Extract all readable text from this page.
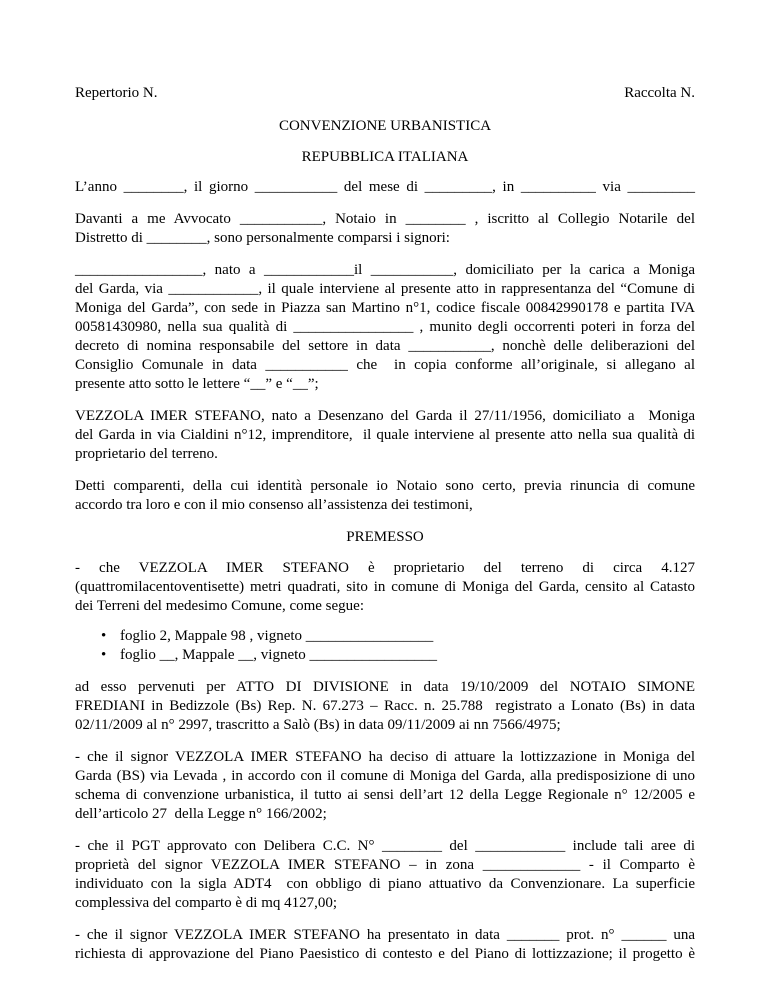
Repertorio N.	Raccolta N.
CONVENZIONE URBANISTICA
REPUBBLICA ITALIANA
L’anno ________, il giorno ___________ del mese di _________, in __________ via _________
Davanti a me Avvocato ___________, Notaio in ________ , iscritto al Collegio Notarile del
Distretto di ________, sono personalmente comparsi i signori:
_________________, nato a ____________il ___________, domiciliato per la carica a Moniga
del Garda, via ____________, il quale interviene al presente atto in rappresentanza del “Comune di
Moniga del Garda”, con sede in Piazza san Martino n°1, codice fiscale 00842990178 e partita IVA
00581430980, nella sua qualità di ________________ , munito degli occorrenti poteri in forza del
decreto di nomina responsabile del settore in data ___________, nonchè delle deliberazioni del
Consiglio Comunale in data ___________ che  in copia conforme all’originale, si allegano al
presente atto sotto le lettere “__” e “__”;
VEZZOLA IMER STEFANO, nato a Desenzano del Garda il 27/11/1956, domiciliato a  Moniga
del Garda in via Cialdini n°12, imprenditore,  il quale interviene al presente atto nella sua qualità di
proprietario del terreno.
Detti comparenti, della cui identità personale io Notaio sono certo, previa rinuncia di comune
accordo tra loro e con il mio consenso all’assistenza dei testimoni,
PREMESSO
- che VEZZOLA IMER STEFANO è proprietario del terreno di circa 4.127
(quattromilacentoventisette) metri quadrati, sito in comune di Moniga del Garda, censito al Catasto
dei Terreni del medesimo Comune, come segue:
• foglio 2, Mappale 98 , vigneto _________________
• foglio __, Mappale __, vigneto _________________
ad esso pervenuti per ATTO DI DIVISIONE in data 19/10/2009 del NOTAIO SIMONE
FREDIANI in Bedizzole (Bs) Rep. N. 67.273 – Racc. n. 25.788  registrato a Lonato (Bs) in data
02/11/2009 al n° 2997, trascritto a Salò (Bs) in data 09/11/2009 ai nn 7566/4975;
- che il signor VEZZOLA IMER STEFANO ha deciso di attuare la lottizzazione in Moniga del
Garda (BS) via Levada , in accordo con il comune di Moniga del Garda, alla predisposizione di uno
schema di convenzione urbanistica, il tutto ai sensi dell’art 12 della Legge Regionale n° 12/2005 e
dell’articolo 27  della Legge n° 166/2002;
- che il PGT approvato con Delibera C.C. N° ________ del ____________ include tali aree di
proprietà del signor VEZZOLA IMER STEFANO – in zona _____________ - il Comparto è
individuato con la sigla ADT4  con obbligo di piano attuativo da Convenzionare. La superficie
complessiva del comparto è di mq 4127,00;
- che il signor VEZZOLA IMER STEFANO ha presentato in data _______ prot. n° ______ una
richiesta di approvazione del Piano Paesistico di contesto e del Piano di lottizzazione; il progetto è
